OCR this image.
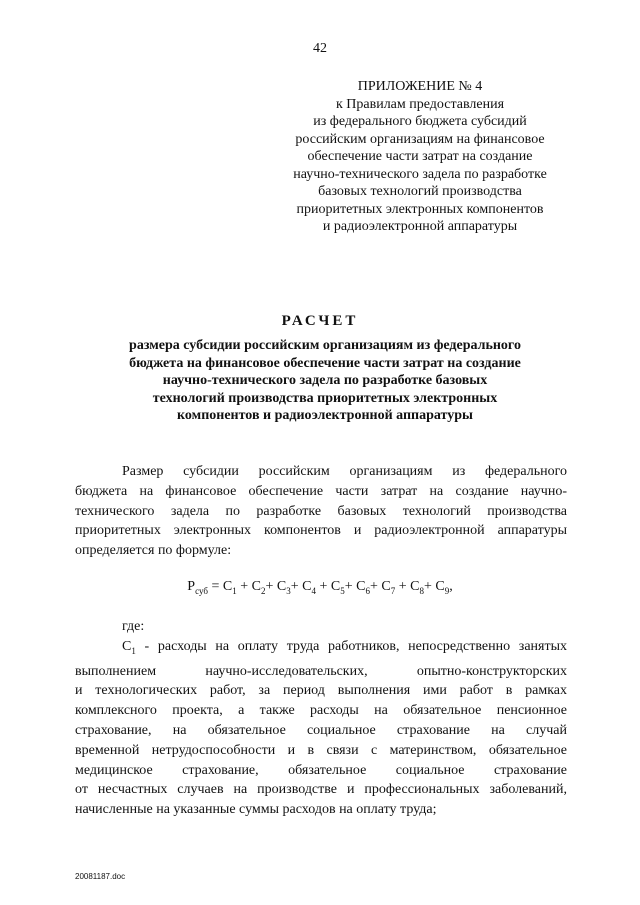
42
ПРИЛОЖЕНИЕ № 4
к Правилам предоставления
из федерального бюджета субсидий
российским организациям на финансовое
обеспечение части затрат на создание
научно-технического задела по разработке
базовых технологий производства
приоритетных электронных компонентов
и радиоэлектронной аппаратуры
РАСЧЕТ
размера субсидии российским организациям из федерального
бюджета на финансовое обеспечение части затрат на создание
научно-технического задела по разработке базовых
технологий производства приоритетных электронных
компонентов и радиоэлектронной аппаратуры
Размер субсидии российским организациям из федерального
бюджета на финансовое обеспечение части затрат на создание научно-
технического задела по разработке базовых технологий производства
приоритетных электронных компонентов и радиоэлектронной аппаратуры
определяется по формуле:
$P_{суб} = C_1 + C_2+ C_3+ C_4 + C_5+ C_6+ C_7 + C_8+ C_9$,
где:
$C_1$ - расходы на оплату труда работников, непосредственно занятых
выполнением научно-исследовательских, опытно-конструкторских
и технологических работ, за период выполнения ими работ в рамках
комплексного проекта, а также расходы на обязательное пенсионное
страхование, на обязательное социальное страхование на случай
временной нетрудоспособности и в связи с материнством, обязательное
медицинское страхование, обязательное социальное страхование
от несчастных случаев на производстве и профессиональных заболеваний,
начисленные на указанные суммы расходов на оплату труда;
20081187.doc
